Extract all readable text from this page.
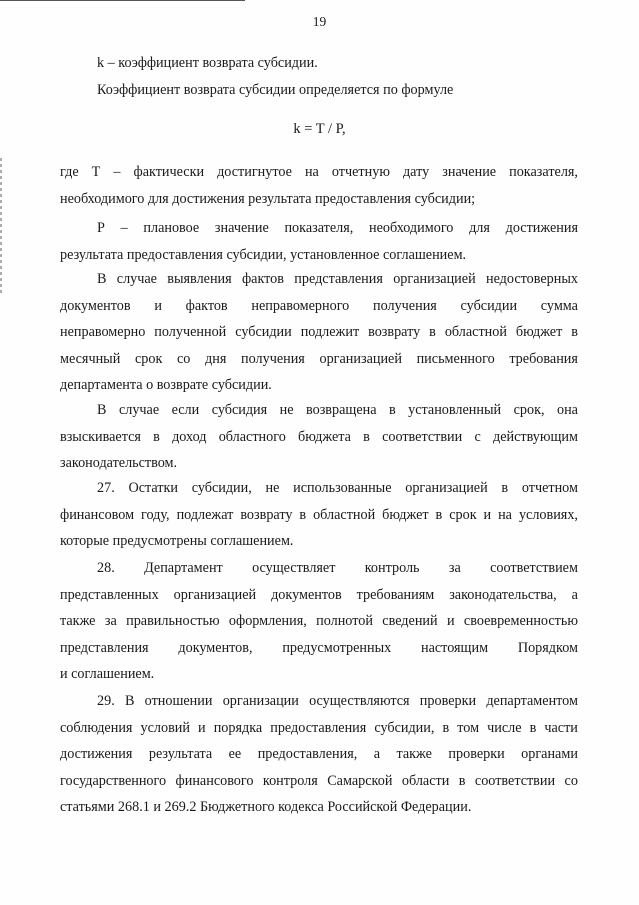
19
k – коэффициент возврата субсидии.
Коэффициент возврата субсидии определяется по формуле
k = T / P,
где Т – фактически достигнутое на отчетную дату значение показателя,
необходимого для достижения результата предоставления субсидии;
Р – плановое значение показателя, необходимого для достижения
результата предоставления субсидии, установленное соглашением.
В случае выявления фактов представления организацией недостоверных
документов и фактов неправомерного получения субсидии сумма
неправомерно полученной субсидии подлежит возврату в областной бюджет в
месячный срок со дня получения организацией письменного требования
департамента о возврате субсидии.
В случае если субсидия не возвращена в установленный срок, она
взыскивается в доход областного бюджета в соответствии с действующим
законодательством.
27. Остатки субсидии, не использованные организацией в отчетном
финансовом году, подлежат возврату в областной бюджет в срок и на условиях,
которые предусмотрены соглашением.
28. Департамент осуществляет контроль за соответствием
представленных организацией документов требованиям законодательства, а
также за правильностью оформления, полнотой сведений и своевременностью
представления документов, предусмотренных настоящим Порядком
и соглашением.
29. В отношении организации осуществляются проверки департаментом
соблюдения условий и порядка предоставления субсидии, в том числе в части
достижения результата ее предоставления, а также проверки органами
государственного финансового контроля Самарской области в соответствии со
статьями 268.1 и 269.2 Бюджетного кодекса Российской Федерации.
